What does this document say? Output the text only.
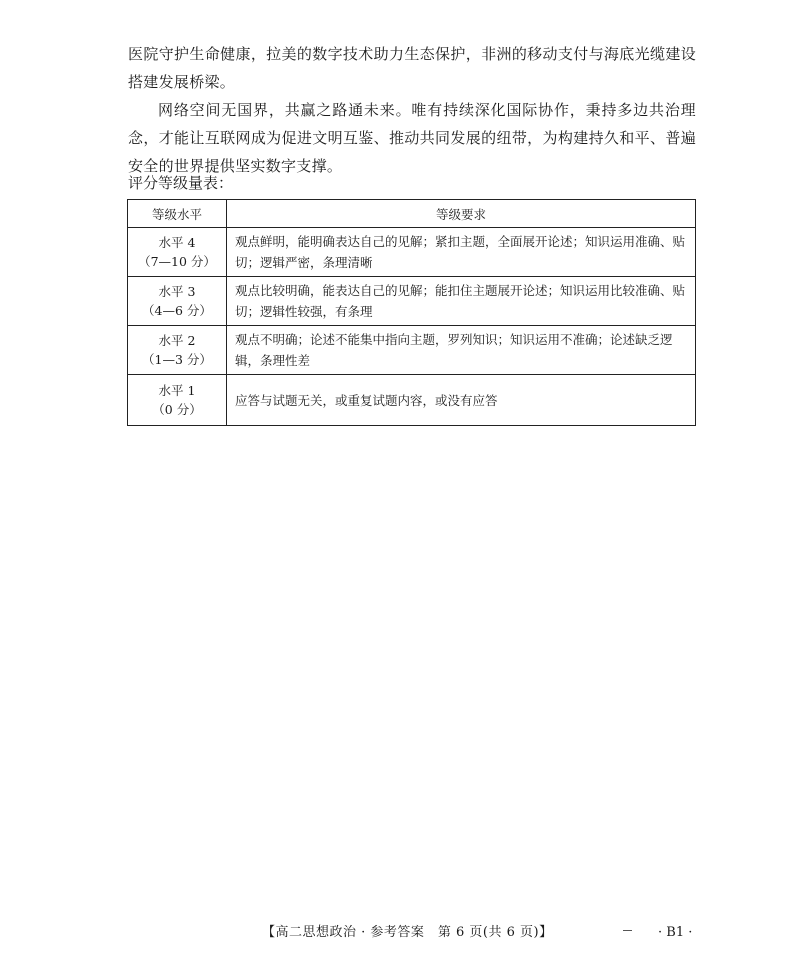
医院守护生命健康，拉美的数字技术助力生态保护，非洲的移动支付与海底光缆建设搭建发展桥梁。

网络空间无国界，共赢之路通未来。唯有持续深化国际协作，秉持多边共治理念，才能让互联网成为促进文明互鉴、推动共同发展的纽带，为构建持久和平、普遍安全的世界提供坚实数字支撑。

评分等级量表：

等级水平	等级要求

水平 4
（7—10 分）	观点鲜明，能明确表达自己的见解；紧扣主题，全面展开论述；知识运用准确、贴切；逻辑严密，条理清晰

水平 3
（4—6 分）	观点比较明确，能表达自己的见解；能扣住主题展开论述；知识运用比较准确、贴切；逻辑性较强，有条理

水平 2
（1—3 分）	观点不明确；论述不能集中指向主题，罗列知识；知识运用不准确；论述缺乏逻辑，条理性差

水平 1
（0 分）	应答与试题无关，或重复试题内容，或没有应答
【高二思想政治 · 参考答案　第 6 页(共 6 页)】	· B1 ·
